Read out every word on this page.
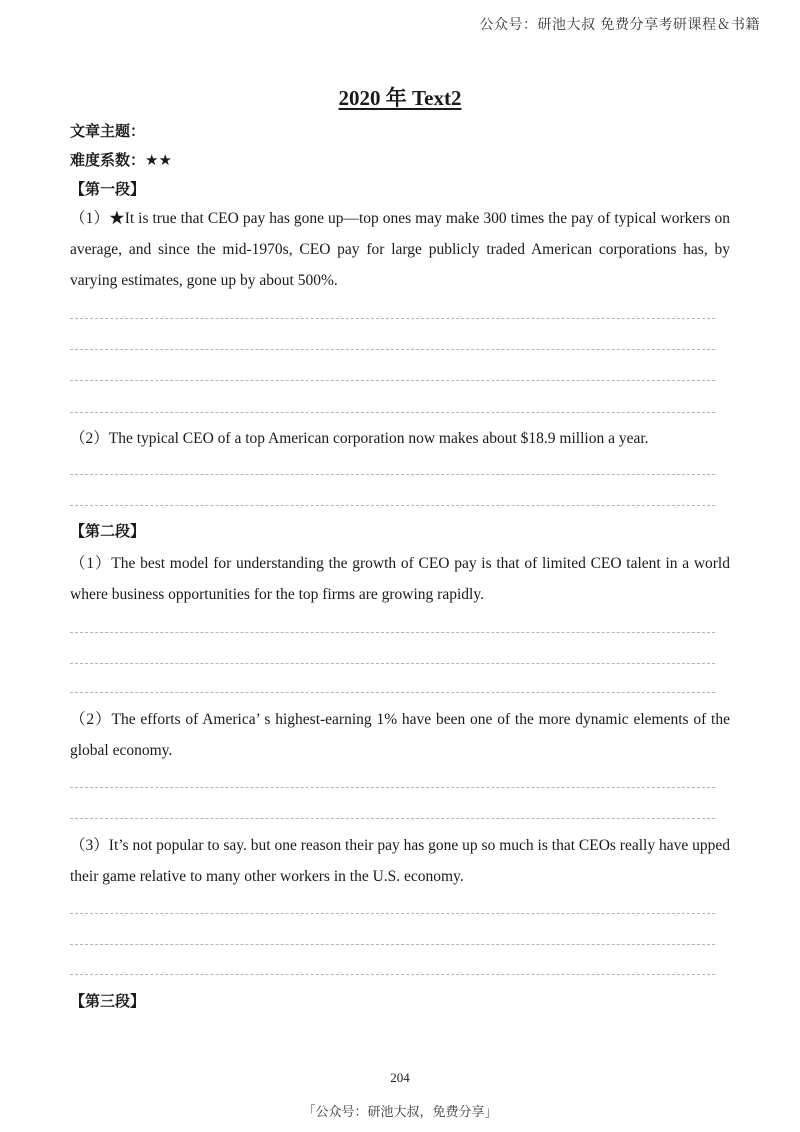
公众号：研池大叔 免费分享考研课程＆书籍
2020 年 Text2
文章主题：
难度系数：★★
【第一段】
（1）★It is true that CEO pay has gone up—top ones may make 300 times the pay of typical workers on average, and since the mid-1970s, CEO pay for large publicly traded American corporations has, by varying estimates, gone up by about 500%.
（2）The typical CEO of a top American corporation now makes about $18.9 million a year.
【第二段】
（1）The best model for understanding the growth of CEO pay is that of limited CEO talent in a world where business opportunities for the top firms are growing rapidly.
（2）The efforts of America’ s highest-earning 1% have been one of the more dynamic elements of the global economy.
（3）It’s not popular to say. but one reason their pay has gone up so much is that CEOs really have upped their game relative to many other workers in the U.S. economy.
【第三段】
204
「公众号：研池大叔，免费分享」
